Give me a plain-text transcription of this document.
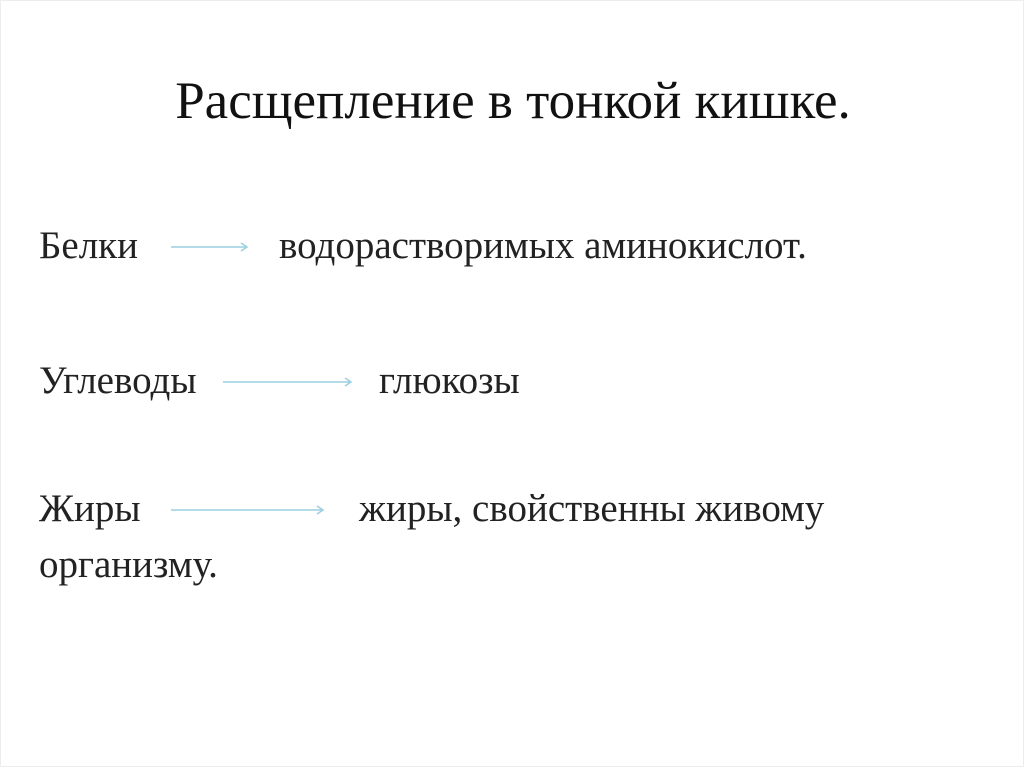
Расщепление в тонкой кишке.
Белки	водорастворимых аминокислот.
Углеводы	глюкозы
Жиры	жиры, свойственны живому
организму.
